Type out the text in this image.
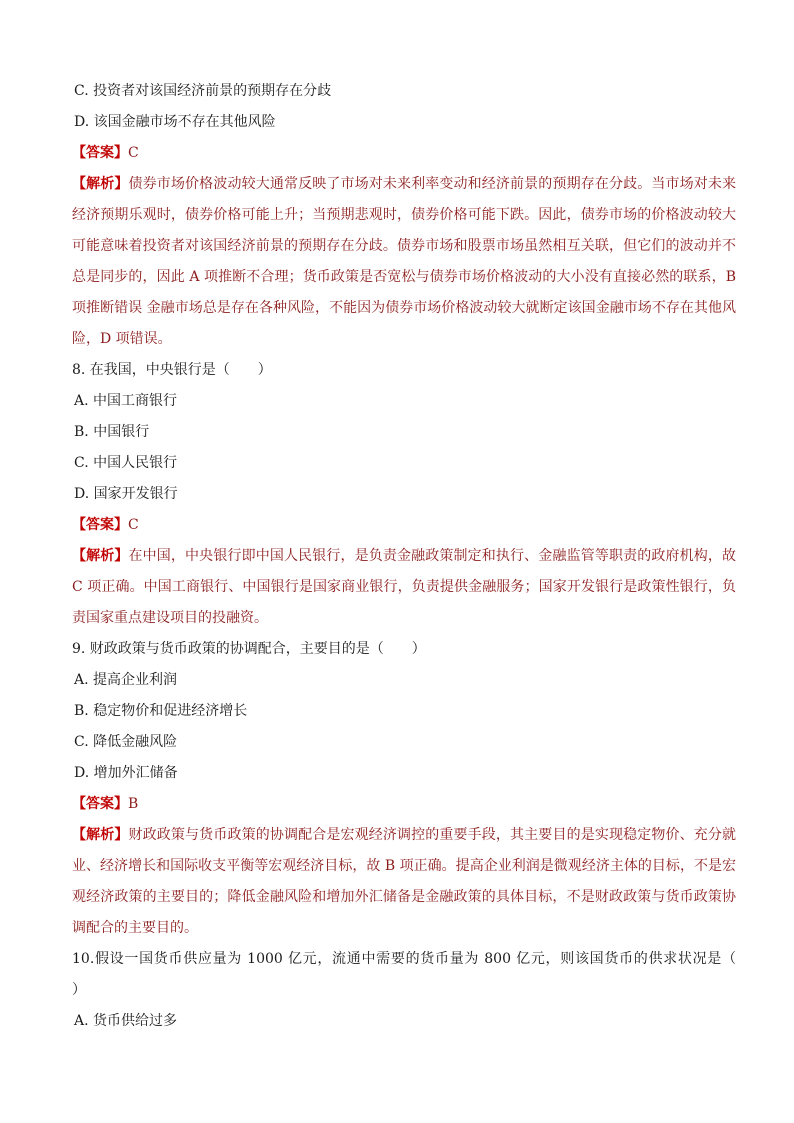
C. 投资者对该国经济前景的预期存在分歧
D. 该国金融市场不存在其他风险
【答案】C
【解析】债券市场价格波动较大通常反映了市场对未来利率变动和经济前景的预期存在分歧。当市场对未来经济预期乐观时，债券价格可能上升；当预期悲观时，债券价格可能下跌。因此，债券市场的价格波动较大可能意味着投资者对该国经济前景的预期存在分歧。债券市场和股票市场虽然相互关联，但它们的波动并不总是同步的，因此 A 项推断不合理；货币政策是否宽松与债券市场价格波动的大小没有直接必然的联系，B 项推断错误 金融市场总是存在各种风险，不能因为债券市场价格波动较大就断定该国金融市场不存在其他风险，D 项错误。
8. 在我国，中央银行是（　　）
A. 中国工商银行
B. 中国银行
C. 中国人民银行
D. 国家开发银行
【答案】C
【解析】在中国，中央银行即中国人民银行，是负责金融政策制定和执行、金融监管等职责的政府机构，故 C 项正确。中国工商银行、中国银行是国家商业银行，负责提供金融服务；国家开发银行是政策性银行，负责国家重点建设项目的投融资。
9. 财政政策与货币政策的协调配合，主要目的是（　　）
A. 提高企业利润
B. 稳定物价和促进经济增长
C. 降低金融风险
D. 增加外汇储备
【答案】B
【解析】财政政策与货币政策的协调配合是宏观经济调控的重要手段，其主要目的是实现稳定物价、充分就业、经济增长和国际收支平衡等宏观经济目标，故 B 项正确。提高企业利润是微观经济主体的目标，不是宏观经济政策的主要目的；降低金融风险和增加外汇储备是金融政策的具体目标，不是财政政策与货币政策协调配合的主要目的。
10.假设一国货币供应量为 1000 亿元，流通中需要的货币量为 800 亿元，则该国货币的供求状况是（　　）
A. 货币供给过多
